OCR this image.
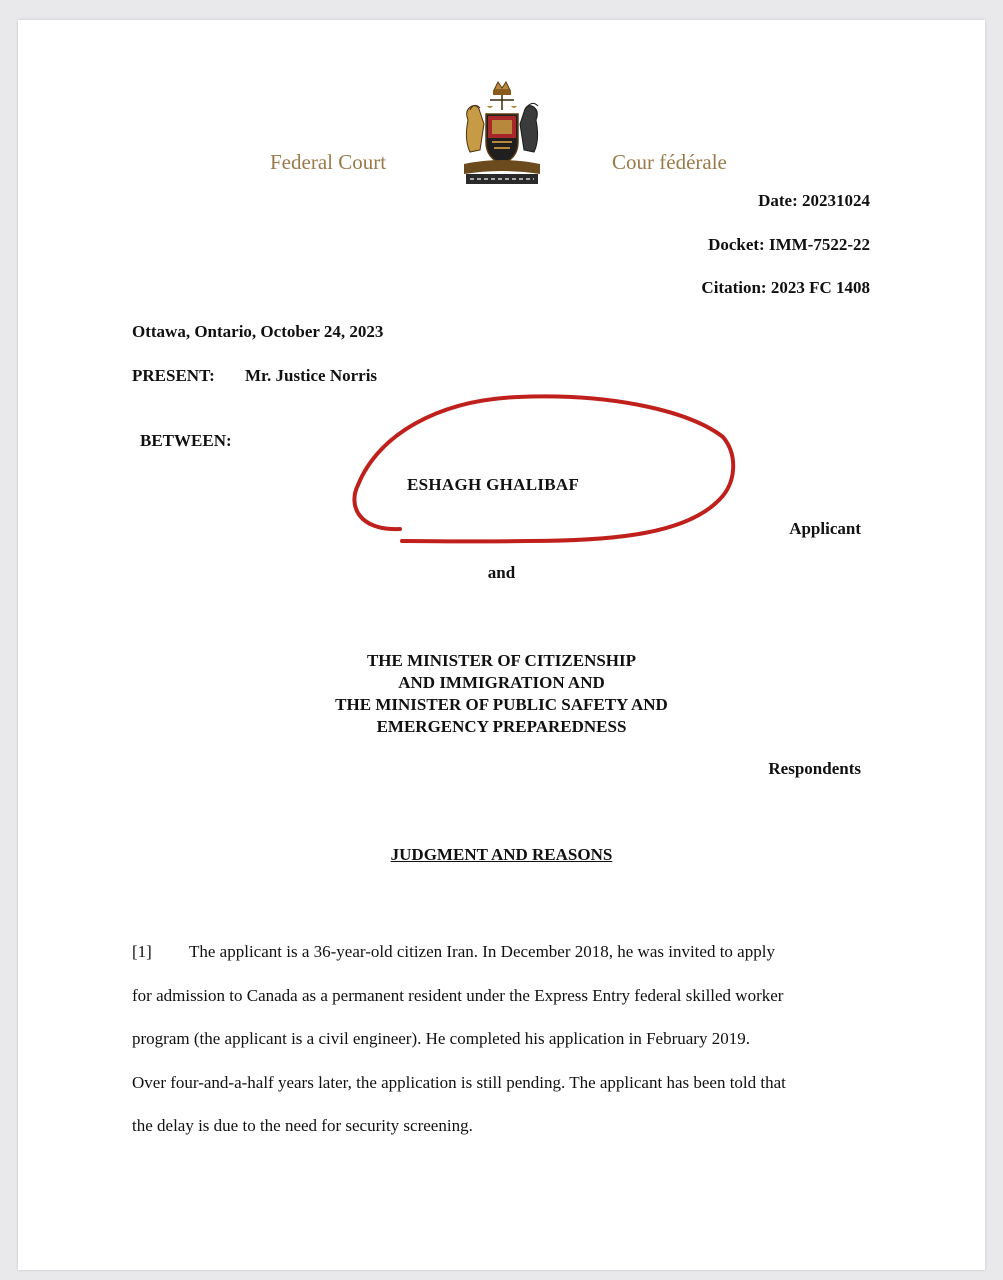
Federal Court	Cour fédérale
Date: 20231024
Docket: IMM-7522-22
Citation: 2023 FC 1408
Ottawa, Ontario, October 24, 2023
PRESENT: Mr. Justice Norris
BETWEEN:
ESHAGH GHALIBAF
Applicant
and
THE MINISTER OF CITIZENSHIP
AND IMMIGRATION AND
THE MINISTER OF PUBLIC SAFETY AND
EMERGENCY PREPAREDNESS
Respondents
JUDGMENT AND REASONS
[1] The applicant is a 36-year-old citizen Iran. In December 2018, he was invited to apply
for admission to Canada as a permanent resident under the Express Entry federal skilled worker
program (the applicant is a civil engineer). He completed his application in February 2019.
Over four-and-a-half years later, the application is still pending. The applicant has been told that
the delay is due to the need for security screening.
